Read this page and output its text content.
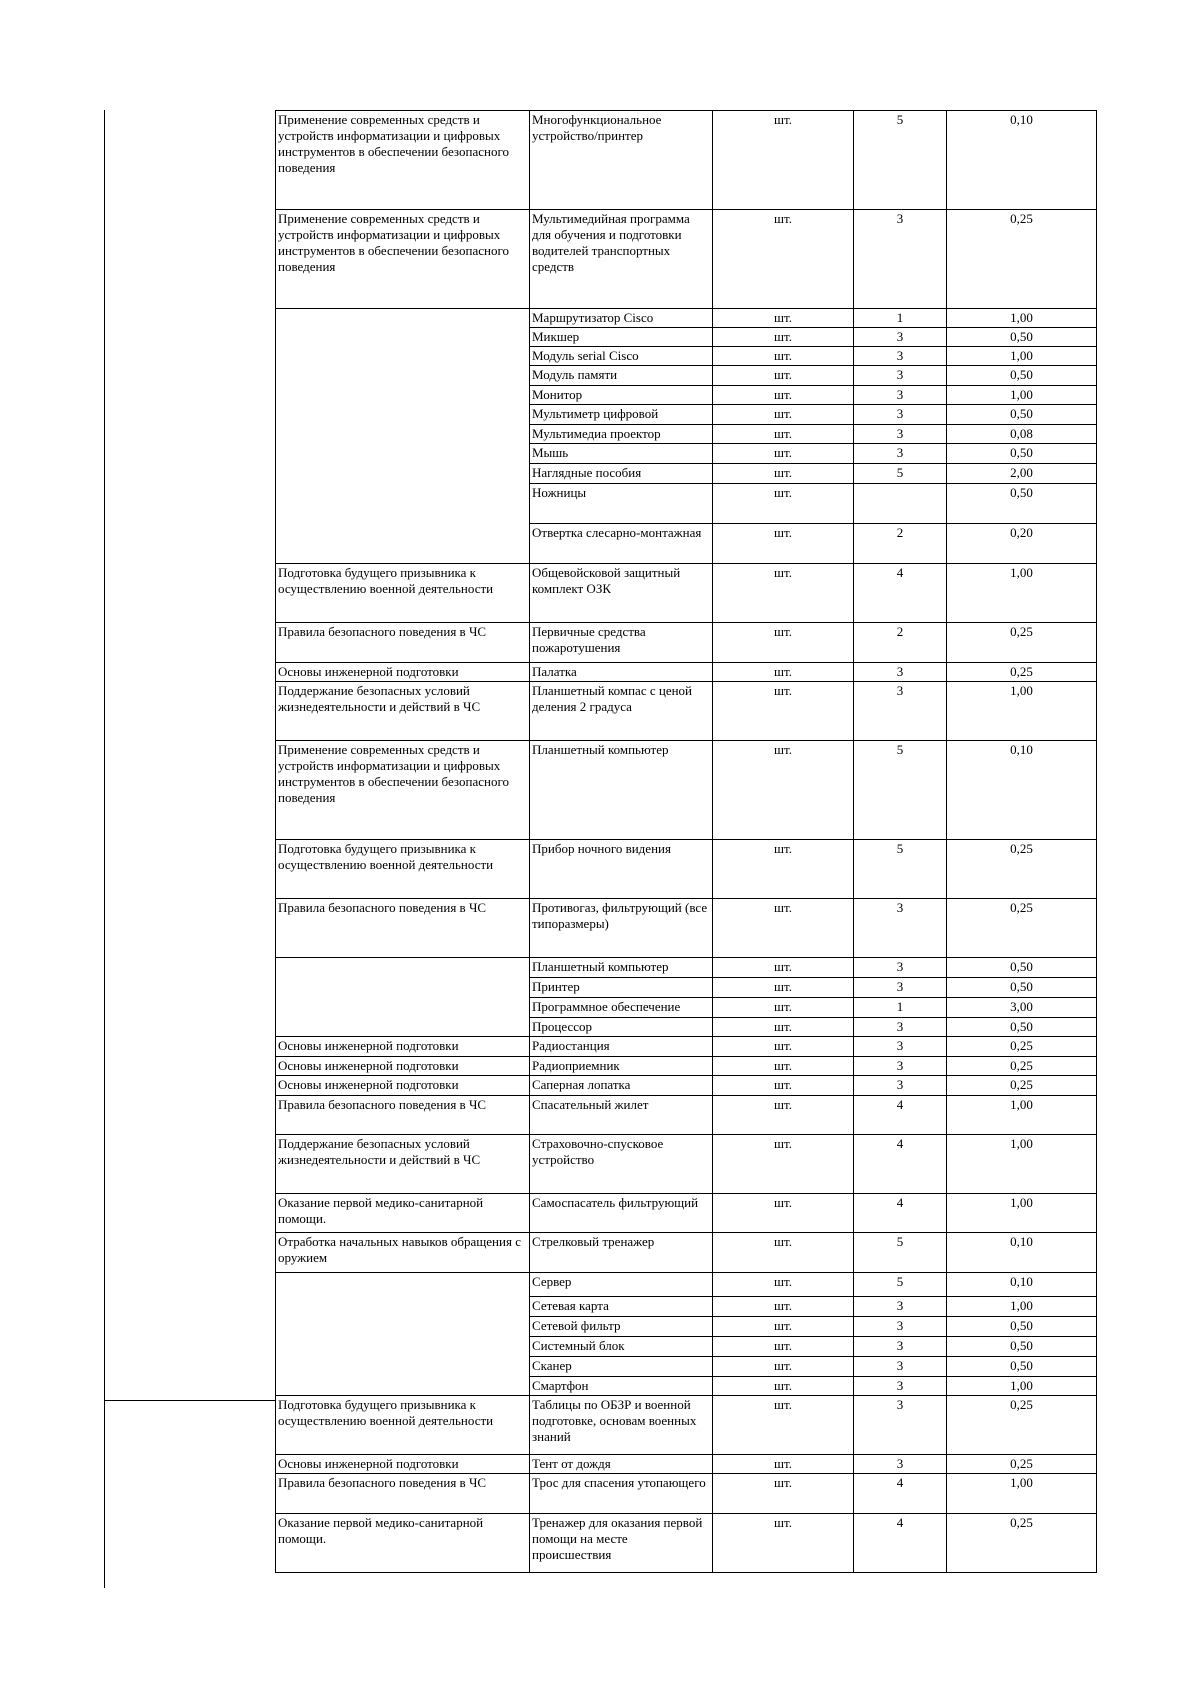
Применение современных средств и устройств информатизации и цифровых инструментов в обеспечении безопасного поведения	Многофункциональное устройство/принтер	шт.	5	0,10
Применение современных средств и устройств информатизации и цифровых инструментов в обеспечении безопасного поведения	Мультимедийная программа для обучения и подготовки водителей транспортных средств	шт.	3	0,25
	Маршрутизатор Cisco	шт.	1	1,00
	Микшер	шт.	3	0,50
	Модуль serial Cisco	шт.	3	1,00
	Модуль памяти	шт.	3	0,50
	Монитор	шт.	3	1,00
	Мультиметр цифровой	шт.	3	0,50
	Мультимедиа проектор	шт.	3	0,08
	Мышь	шт.	3	0,50
	Наглядные пособия	шт.	5	2,00
	Ножницы	шт.		0,50
	Отвертка слесарно-монтажная	шт.	2	0,20
Подготовка будущего призывника к осуществлению военной деятельности	Общевойсковой защитный комплект ОЗК	шт.	4	1,00
Правила безопасного поведения в ЧС	Первичные средства пожаротушения	шт.	2	0,25
Основы инженерной подготовки	Палатка	шт.	3	0,25
Поддержание безопасных условий жизнедеятельности и действий в ЧС	Планшетный компас с ценой деления 2 градуса	шт.	3	1,00
Применение современных средств и устройств информатизации и цифровых инструментов в обеспечении безопасного поведения	Планшетный компьютер	шт.	5	0,10
Подготовка будущего призывника к осуществлению военной деятельности	Прибор ночного видения	шт.	5	0,25
Правила безопасного поведения в ЧС	Противогаз, фильтрующий (все типоразмеры)	шт.	3	0,25
	Планшетный компьютер	шт.	3	0,50
	Принтер	шт.	3	0,50
	Программное обеспечение	шт.	1	3,00
	Процессор	шт.	3	0,50
Основы инженерной подготовки	Радиостанция	шт.	3	0,25
Основы инженерной подготовки	Радиоприемник	шт.	3	0,25
Основы инженерной подготовки	Саперная лопатка	шт.	3	0,25
Правила безопасного поведения в ЧС	Спасательный жилет	шт.	4	1,00
Поддержание безопасных условий жизнедеятельности и действий в ЧС	Страховочно-спусковое устройство	шт.	4	1,00
Оказание первой медико-санитарной помощи.	Самоспасатель фильтрующий	шт.	4	1,00
Отработка начальных навыков обращения с оружием	Стрелковый тренажер	шт.	5	0,10
	Сервер	шт.	5	0,10
	Сетевая карта	шт.	3	1,00
	Сетевой фильтр	шт.	3	0,50
	Системный блок	шт.	3	0,50
	Сканер	шт.	3	0,50
	Смартфон	шт.	3	1,00
Подготовка будущего призывника к осуществлению военной деятельности	Таблицы по ОБЗР и военной подготовке, основам военных знаний	шт.	3	0,25
Основы инженерной подготовки	Тент от дождя	шт.	3	0,25
Правила безопасного поведения в ЧС	Трос для спасения утопающего	шт.	4	1,00
Оказание первой медико-санитарной помощи.	Тренажер для оказания первой помощи на месте происшествия	шт.	4	0,25
